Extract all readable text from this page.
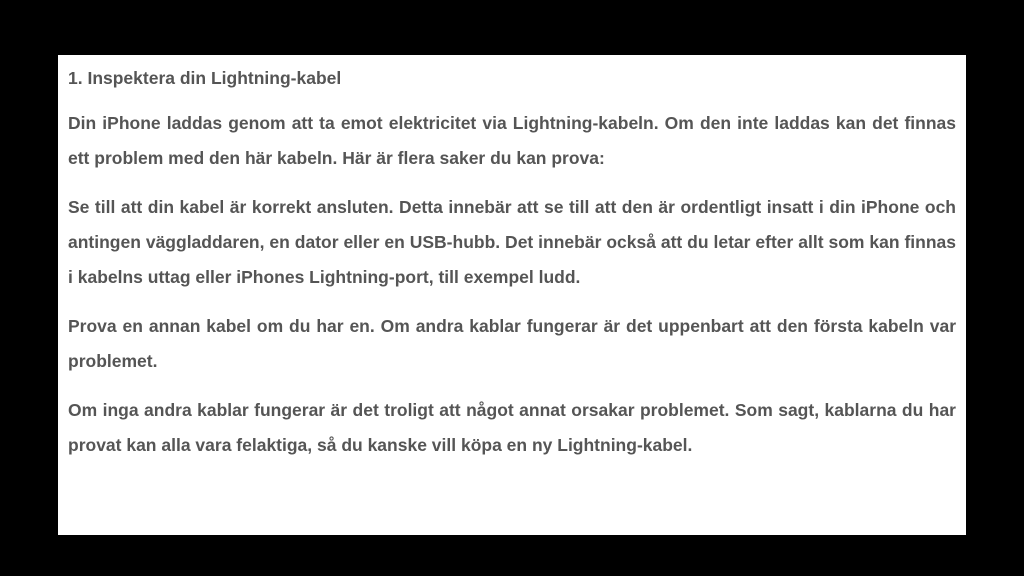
1. Inspektera din Lightning-kabel

Din iPhone laddas genom att ta emot elektricitet via Lightning-kabeln. Om den inte laddas kan det finnas ett problem med den här kabeln. Här är flera saker du kan prova:

Se till att din kabel är korrekt ansluten. Detta innebär att se till att den är ordentligt insatt i din iPhone och antingen väggladdaren, en dator eller en USB-hubb. Det innebär också att du letar efter allt som kan finnas i kabelns uttag eller iPhones Lightning-port, till exempel ludd.

Prova en annan kabel om du har en. Om andra kablar fungerar är det uppenbart att den första kabeln var problemet.

Om inga andra kablar fungerar är det troligt att något annat orsakar problemet. Som sagt, kablarna du har provat kan alla vara felaktiga, så du kanske vill köpa en ny Lightning-kabel.
